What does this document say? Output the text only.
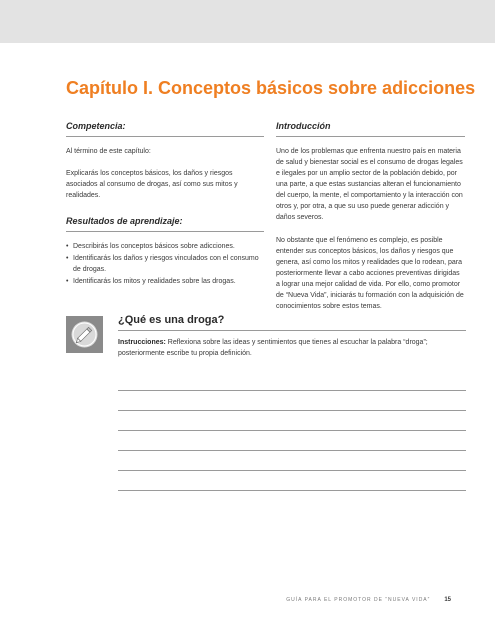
Capítulo I. Conceptos básicos sobre adicciones
Competencia:

Al término de este capítulo:

Explicarás los conceptos básicos, los daños y riesgos asociados al consumo de drogas, así como sus mitos y realidades.

Resultados de aprendizaje:
• Describirás los conceptos básicos sobre adicciones.
• Identificarás los daños y riesgos vinculados con el consumo de drogas.
• Identificarás los mitos y realidades sobre las drogas.
Introducción

Uno de los problemas que enfrenta nuestro país en materia de salud y bienestar social es el consumo de drogas legales e ilegales por un amplio sector de la población debido, por una parte, a que estas sustancias alteran el funcionamiento del cuerpo, la mente, el comportamiento y la interacción con otros y, por otra, a que su uso puede generar adicción y daños severos.

No obstante que el fenómeno es complejo, es posible entender sus conceptos básicos, los daños y riesgos que genera, así como los mitos y realidades que lo rodean, para posteriormente llevar a cabo acciones preventivas dirigidas a lograr una mejor calidad de vida. Por ello, como promotor de “Nueva Vida”, iniciarás tu formación con la adquisición de conocimientos sobre estos temas.

¿Qué es una droga?

Instrucciones: Reflexiona sobre las ideas y sentimientos que tienes al escuchar la palabra “droga”; posteriormente escribe tu propia definición.

GUÍA PARA EL PROMOTOR DE “NUEVA VIDA” 15
